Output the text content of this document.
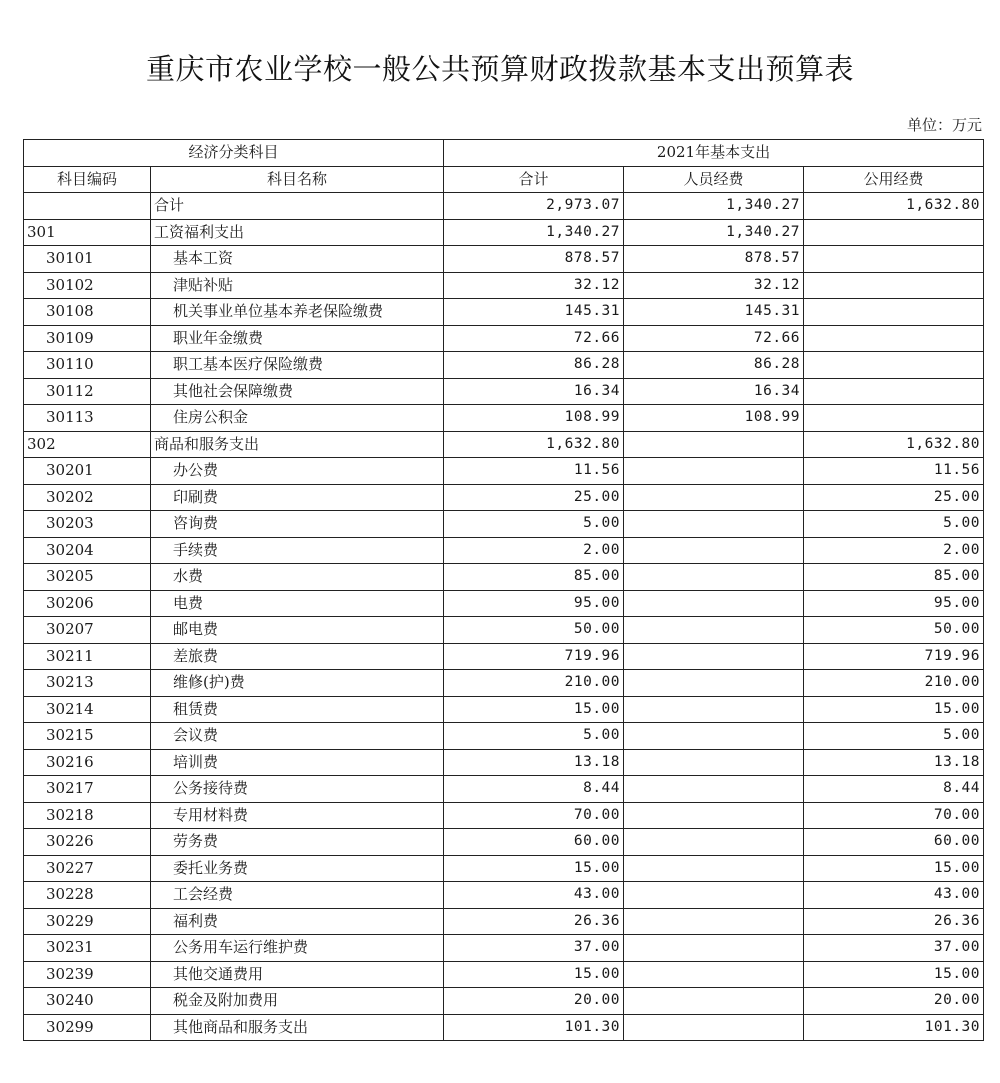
重庆市农业学校一般公共预算财政拨款基本支出预算表
单位：万元
经济分类科目		2021年基本支出		
科目编码	科目名称	合计	人员经费	公用经费
	合计	2,973.07	1,340.27	1,632.80
301	工资福利支出	1,340.27	1,340.27	
30101	基本工资	878.57	878.57	
30102	津贴补贴	32.12	32.12	
30108	机关事业单位基本养老保险缴费	145.31	145.31	
30109	职业年金缴费	72.66	72.66	
30110	职工基本医疗保险缴费	86.28	86.28	
30112	其他社会保障缴费	16.34	16.34	
30113	住房公积金	108.99	108.99	
302	商品和服务支出	1,632.80		1,632.80
30201	办公费	11.56		11.56
30202	印刷费	25.00		25.00
30203	咨询费	5.00		5.00
30204	手续费	2.00		2.00
30205	水费	85.00		85.00
30206	电费	95.00		95.00
30207	邮电费	50.00		50.00
30211	差旅费	719.96		719.96
30213	维修(护)费	210.00		210.00
30214	租赁费	15.00		15.00
30215	会议费	5.00		5.00
30216	培训费	13.18		13.18
30217	公务接待费	8.44		8.44
30218	专用材料费	70.00		70.00
30226	劳务费	60.00		60.00
30227	委托业务费	15.00		15.00
30228	工会经费	43.00		43.00
30229	福利费	26.36		26.36
30231	公务用车运行维护费	37.00		37.00
30239	其他交通费用	15.00		15.00
30240	税金及附加费用	20.00		20.00
30299	其他商品和服务支出	101.30		101.30
